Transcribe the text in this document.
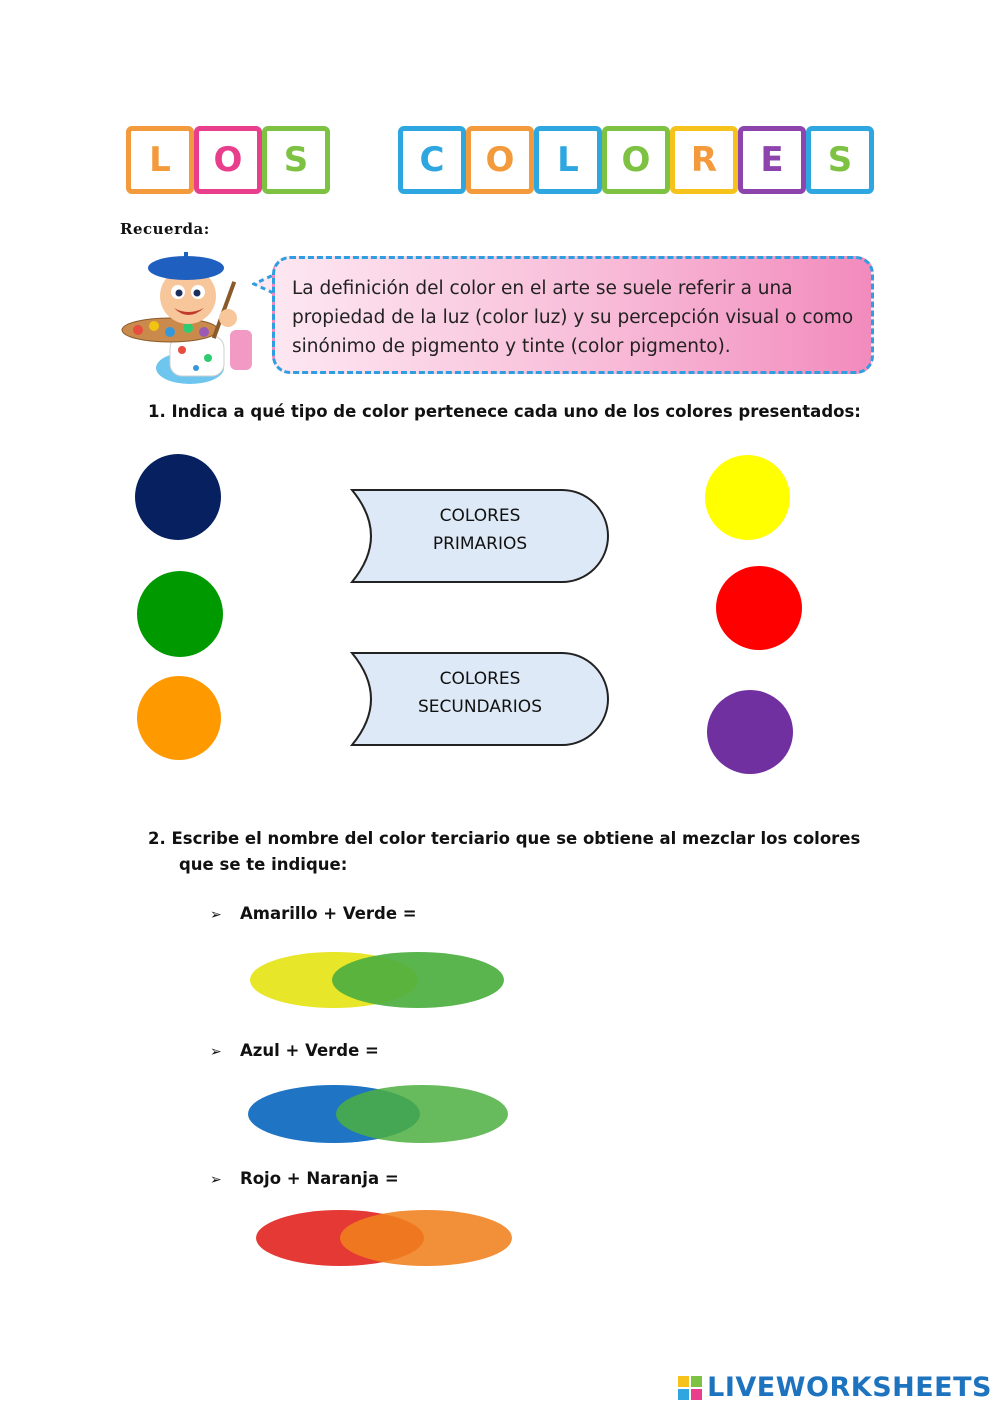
L O S	C O L O R E S
Recuerda:
La definición del color en el arte se suele referir a una propiedad de la luz (color luz) y su percepción visual o como sinónimo de pigmento y tinte (color pigmento).
1. Indica a qué tipo de color pertenece cada uno de los colores presentados:
COLORES
PRIMARIOS
COLORES
SECUNDARIOS
2. Escribe el nombre del color terciario que se obtiene al mezclar los colores
que se te indique:
➢ Amarillo + Verde =
➢ Azul + Verde =
➢ Rojo + Naranja =
LIVEWORKSHEETS
